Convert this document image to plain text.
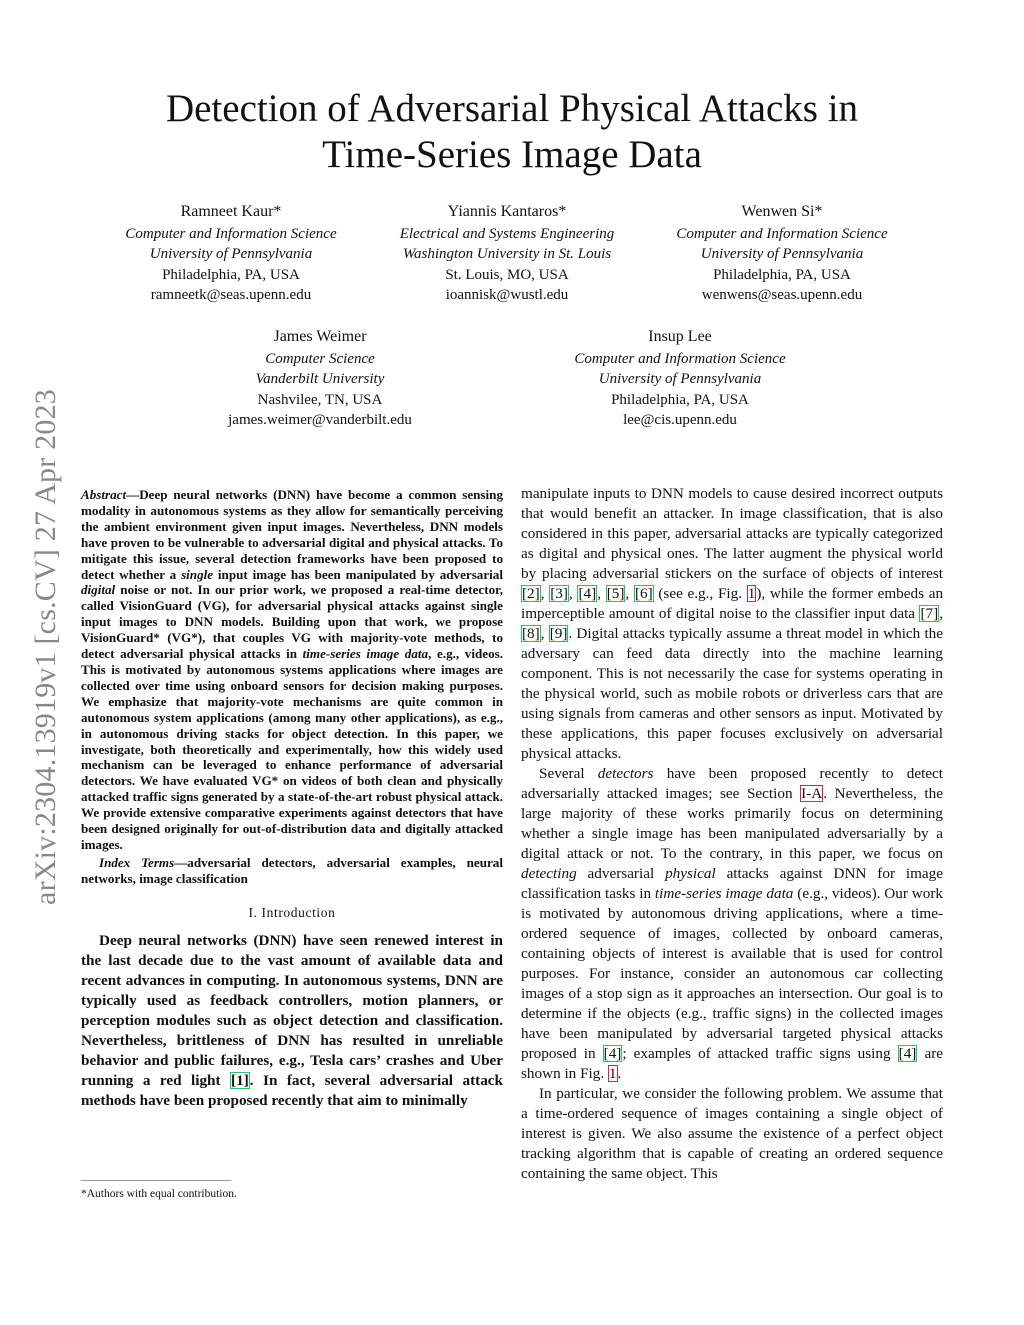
arXiv:2304.13919v1 [cs.CV] 27 Apr 2023
Detection of Adversarial Physical Attacks in
Time-Series Image Data
Ramneet Kaur*
Computer and Information Science
University of Pennsylvania
Philadelphia, PA, USA
ramneetk@seas.upenn.edu
Yiannis Kantaros*
Electrical and Systems Engineering
Washington University in St. Louis
St. Louis, MO, USA
ioannisk@wustl.edu
Wenwen Si*
Computer and Information Science
University of Pennsylvania
Philadelphia, PA, USA
wenwens@seas.upenn.edu
James Weimer
Computer Science
Vanderbilt University
Nashvilee, TN, USA
james.weimer@vanderbilt.edu
Insup Lee
Computer and Information Science
University of Pennsylvania
Philadelphia, PA, USA
lee@cis.upenn.edu
Abstract—Deep neural networks (DNN) have become a common sensing modality in autonomous systems as they allow for semantically perceiving the ambient environment given input images. Nevertheless, DNN models have proven to be vulnerable to adversarial digital and physical attacks. To mitigate this issue, several detection frameworks have been proposed to detect whether a single input image has been manipulated by adversarial digital noise or not. In our prior work, we proposed a real-time detector, called VisionGuard (VG), for adversarial physical attacks against single input images to DNN models. Building upon that work, we propose VisionGuard* (VG*), that couples VG with majority-vote methods, to detect adversarial physical attacks in time-series image data, e.g., videos. This is motivated by autonomous systems applications where images are collected over time using onboard sensors for decision making purposes. We emphasize that majority-vote mechanisms are quite common in autonomous system applications (among many other applications), as e.g., in autonomous driving stacks for object detection. In this paper, we investigate, both theoretically and experimentally, how this widely used mechanism can be leveraged to enhance performance of adversarial detectors. We have evaluated VG* on videos of both clean and physically attacked traffic signs generated by a state-of-the-art robust physical attack. We provide extensive comparative experiments against detectors that have been designed originally for out-of-distribution data and digitally attacked images.
Index Terms—adversarial detectors, adversarial examples, neural networks, image classification
I. Introduction

Deep neural networks (DNN) have seen renewed interest in the last decade due to the vast amount of available data and recent advances in computing. In autonomous systems, DNN are typically used as feedback controllers, motion planners, or perception modules such as object detection and classification. Nevertheless, brittleness of DNN has resulted in unreliable behavior and public failures, e.g., Tesla cars’ crashes and Uber running a red light [1]. In fact, several adversarial attack methods have been proposed recently that aim to minimally

*Authors with equal contribution.

manipulate inputs to DNN models to cause desired incorrect outputs that would benefit an attacker. In image classification, that is also considered in this paper, adversarial attacks are typically categorized as digital and physical ones. The latter augment the physical world by placing adversarial stickers on the surface of objects of interest [2], [3], [4], [5], [6] (see e.g., Fig. 1), while the former embeds an imperceptible amount of digital noise to the classifier input data [7], [8], [9]. Digital attacks typically assume a threat model in which the adversary can feed data directly into the machine learning component. This is not necessarily the case for systems operating in the physical world, such as mobile robots or driverless cars that are using signals from cameras and other sensors as input. Motivated by these applications, this paper focuses exclusively on adversarial physical attacks.

Several detectors have been proposed recently to detect adversarially attacked images; see Section I-A. Nevertheless, the large majority of these works primarily focus on determining whether a single image has been manipulated adversarially by a digital attack or not. To the contrary, in this paper, we focus on detecting adversarial physical attacks against DNN for image classification tasks in time-series image data (e.g., videos). Our work is motivated by autonomous driving applications, where a time-ordered sequence of images, collected by onboard cameras, containing objects of interest is available that is used for control purposes. For instance, consider an autonomous car collecting images of a stop sign as it approaches an intersection. Our goal is to determine if the objects (e.g., traffic signs) in the collected images have been manipulated by adversarial targeted physical attacks proposed in [4]; examples of attacked traffic signs using [4] are shown in Fig. 1.

In particular, we consider the following problem. We assume that a time-ordered sequence of images containing a single object of interest is given. We also assume the existence of a perfect object tracking algorithm that is capable of creating an ordered sequence containing the same object. This
